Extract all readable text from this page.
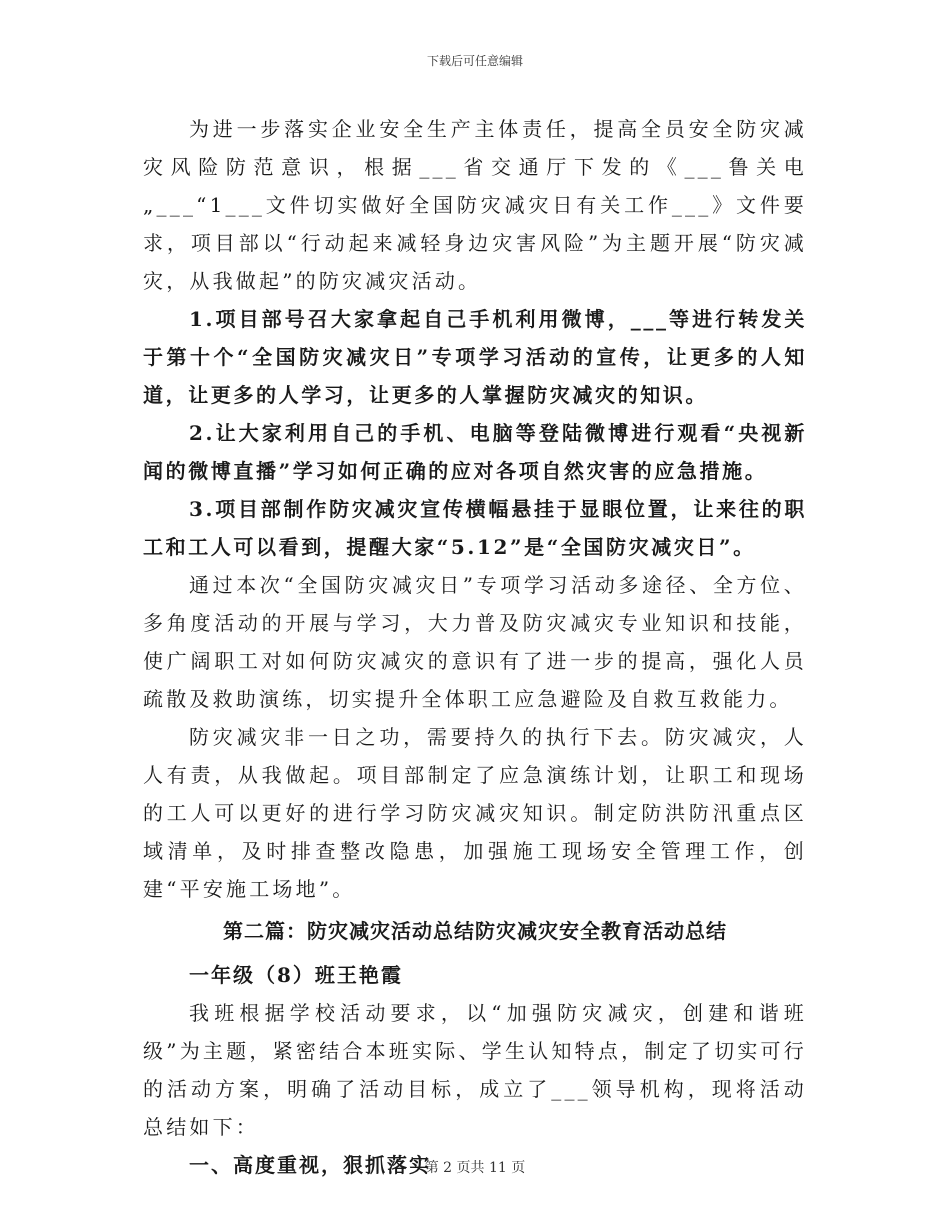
下载后可任意编辑

为进一步落实企业安全生产主体责任，提高全员安全防灾减灾风险防范意识，根据___省交通厅下发的《___鲁关电„___“1___文件切实做好全国防灾减灾日有关工作___》文件要求，项目部以“行动起来减轻身边灾害风险”为主题开展“防灾减灾，从我做起”的防灾减灾活动。

1.项目部号召大家拿起自己手机利用微博，___等进行转发关于第十个“全国防灾减灾日”专项学习活动的宣传，让更多的人知道，让更多的人学习，让更多的人掌握防灾减灾的知识。

2.让大家利用自己的手机、电脑等登陆微博进行观看“央视新闻的微博直播”学习如何正确的应对各项自然灾害的应急措施。

3.项目部制作防灾减灾宣传横幅悬挂于显眼位置，让来往的职工和工人可以看到，提醒大家“5.12”是“全国防灾减灾日”。

通过本次“全国防灾减灾日”专项学习活动多途径、全方位、多角度活动的开展与学习，大力普及防灾减灾专业知识和技能，使广阔职工对如何防灾减灾的意识有了进一步的提高，强化人员疏散及救助演练，切实提升全体职工应急避险及自救互救能力。

防灾减灾非一日之功，需要持久的执行下去。防灾减灾，人人有责，从我做起。项目部制定了应急演练计划，让职工和现场的工人可以更好的进行学习防灾减灾知识。制定防洪防汛重点区域清单，及时排查整改隐患，加强施工现场安全管理工作，创建“平安施工场地”。

第二篇：防灾减灾活动总结防灾减灾安全教育活动总结

一年级（8）班王艳霞

我班根据学校活动要求，以“加强防灾减灾，创建和谐班级”为主题，紧密结合本班实际、学生认知特点，制定了切实可行的活动方案，明确了活动目标，成立了___领导机构，现将活动总结如下：

一、高度重视，狠抓落实

第 2 页共 11 页
